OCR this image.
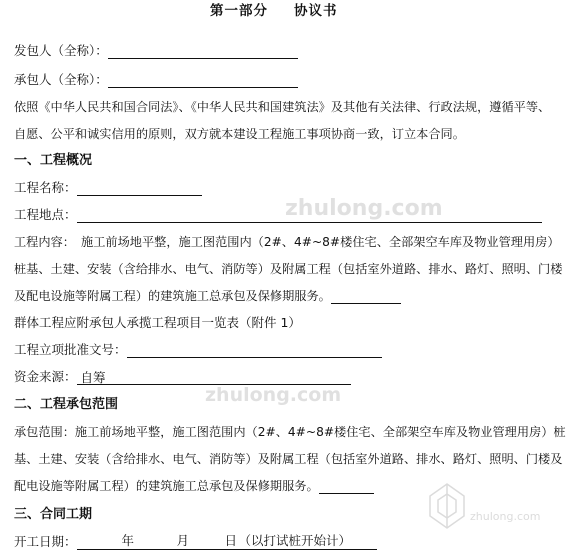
第一部分 协议书
发包人（全称）：
承包人（全称）：
依照《中华人民共和国合同法》、《中华人民共和国建筑法》及其他有关法律、行政法规，遵循平等、
自愿、公平和诚实信用的原则，双方就本建设工程施工事项协商一致，订立本合同。
一、工程概况
工程名称：
工程地点：
工程内容：　施工前场地平整，施工图范围内（2#、4#~8#楼住宅、全部架空车库及物业管理用房）
桩基、土建、安装（含给排水、电气、消防等）及附属工程（包括室外道路、排水、路灯、照明、门楼
及配电设施等附属工程）的建筑施工总承包及保修期服务。
群体工程应附承包人承揽工程项目一览表（附件 1）
工程立项批准文号：
资金来源： 自筹
二、工程承包范围
承包范围：施工前场地平整，施工图范围内（2#、4#~8#楼住宅、全部架空车库及物业管理用房）桩
基、土建、安装（含给排水、电气、消防等）及附属工程（包括室外道路、排水、路灯、照明、门楼及
配电设施等附属工程）的建筑施工总承包及保修期服务。
三、合同工期
开工日期：	年	月	日 （以打试桩开始计）
zhulong.com
zhulong.com
zhulong.com
